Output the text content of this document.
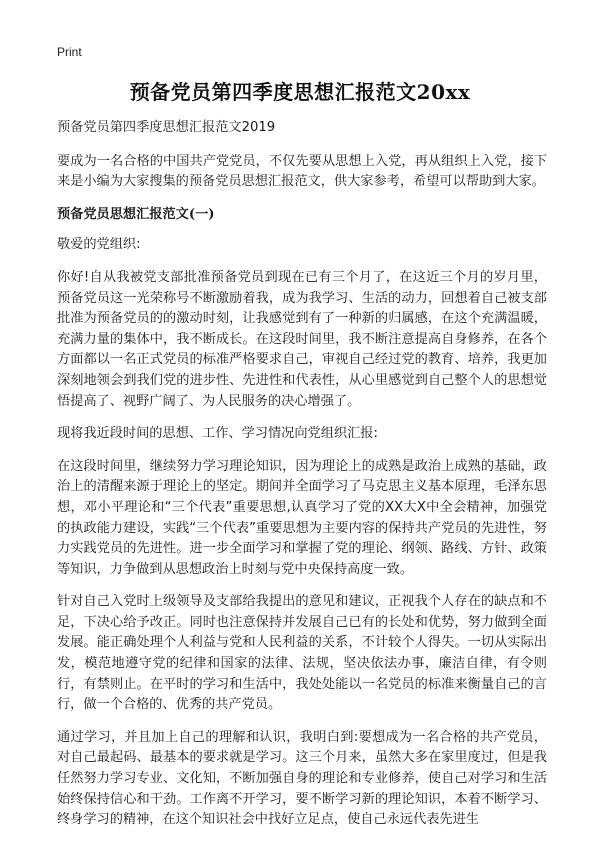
Print
预备党员第四季度思想汇报范文20xx

预备党员第四季度思想汇报范文2019

要成为一名合格的中国共产党党员，不仅先要从思想上入党，再从组织上入党，接下来是小编为大家搜集的预备党员思想汇报范文，供大家参考，希望可以帮助到大家。

预备党员思想汇报范文(一)

敬爱的党组织:

你好!自从我被党支部批准预备党员到现在已有三个月了，在这近三个月的岁月里，预备党员这一光荣称号不断激励着我，成为我学习、生活的动力，回想着自己被支部批准为预备党员的的激动时刻，让我感觉到有了一种新的归属感，在这个充满温暖，充满力量的集体中，我不断成长。在这段时间里，我不断注意提高自身修养，在各个方面都以一名正式党员的标准严格要求自己，审视自己经过党的教育、培养，我更加深刻地领会到我们党的进步性、先进性和代表性，从心里感觉到自己整个人的思想觉悟提高了、视野广阔了、为人民服务的决心增强了。

现将我近段时间的思想、工作、学习情况向党组织汇报:

在这段时间里，继续努力学习理论知识，因为理论上的成熟是政治上成熟的基础，政治上的清醒来源于理论上的坚定。期间并全面学习了马克思主义基本原理，毛泽东思想，邓小平理论和“三个代表”重要思想,认真学习了党的XX大X中全会精神，加强党的执政能力建设，实践“三个代表”重要思想为主要内容的保持共产党员的先进性，努力实践党员的先进性。进一步全面学习和掌握了党的理论、纲领、路线、方针、政策等知识，力争做到从思想政治上时刻与党中央保持高度一致。

针对自己入党时上级领导及支部给我提出的意见和建议，正视我个人存在的缺点和不足，下决心给予改正。同时也注意保持并发展自己已有的长处和优势，努力做到全面发展。能正确处理个人利益与党和人民利益的关系，不计较个人得失。一切从实际出发，模范地遵守党的纪律和国家的法律、法规，坚决依法办事，廉洁自律，有令则行，有禁则止。在平时的学习和生活中，我处处能以一名党员的标准来衡量自己的言行，做一个合格的、优秀的共产党员。

通过学习，并且加上自己的理解和认识，我明白到:要想成为一名合格的共产党员，对自己最起码、最基本的要求就是学习。这三个月来，虽然大多在家里度过，但是我任然努力学习专业、文化知，不断加强自身的理论和专业修养，使自己对学习和生活始终保持信心和干劲。工作离不开学习，要不断学习新的理论知识，本着不断学习、终身学习的精神，在这个知识社会中找好立足点，使自己永远代表先进生
